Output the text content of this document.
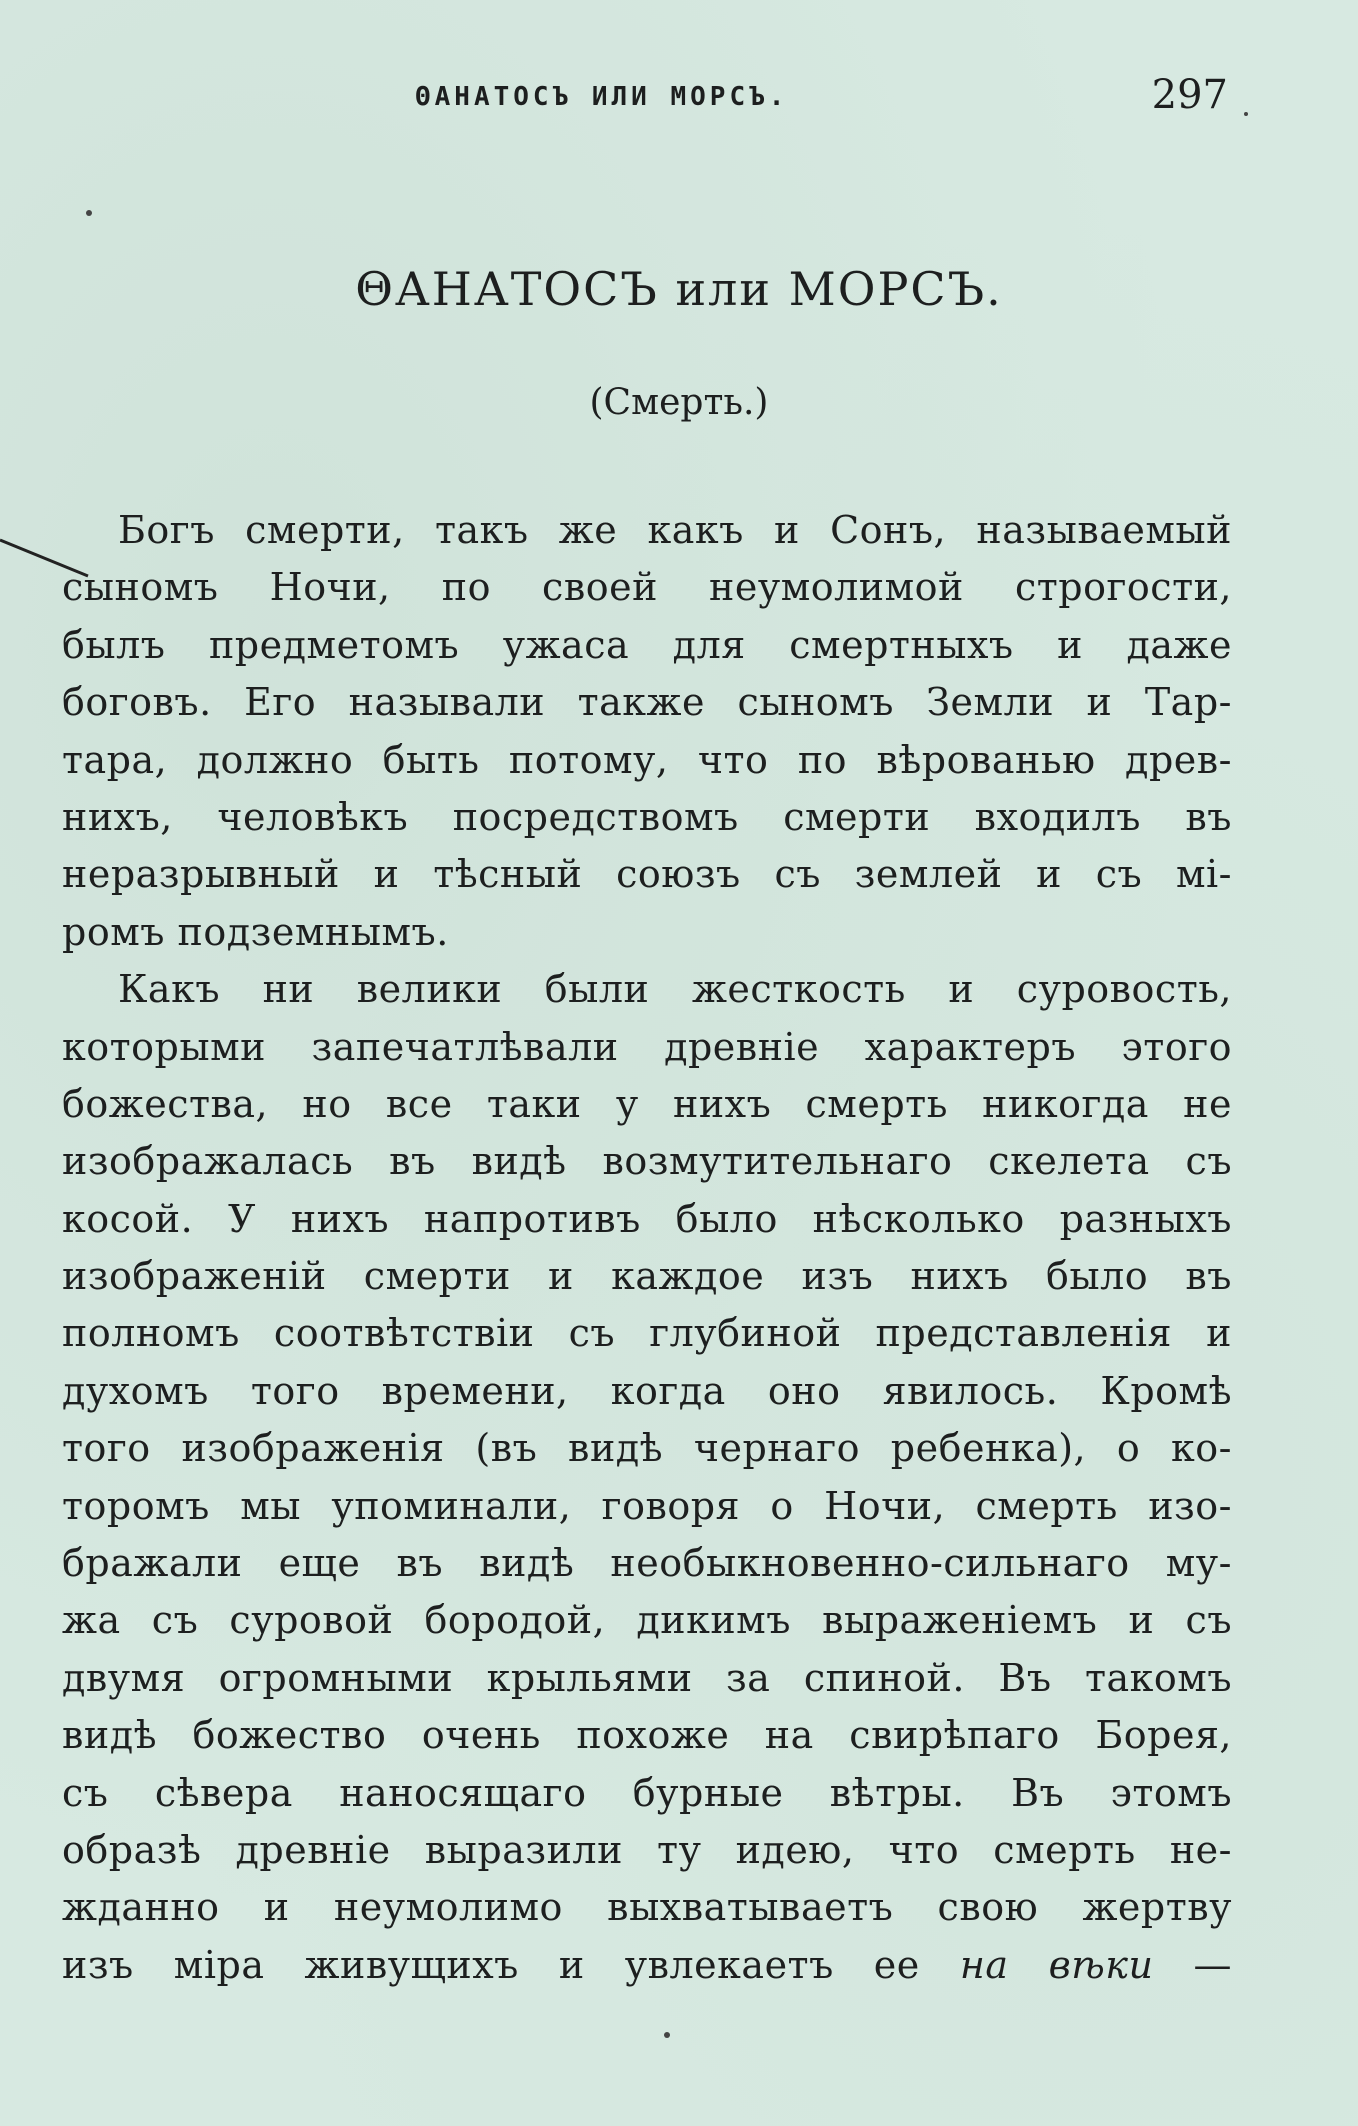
ΘАНАТОСЪ ИЛИ МОРСЪ.	297
ΘАНАТОСЪ или МОРСЪ.
(Смерть.)
Богъ смерти, такъ же какъ и Сонъ, называемый
сыномъ Ночи, по своей неумолимой строгости,
былъ предметомъ ужаса для смертныхъ и даже
боговъ. Его называли также сыномъ Земли и Тар-
тара, должно быть потому, что по вѣрованью древ-
нихъ, человѣкъ посредствомъ смерти входилъ въ
неразрывный и тѣсный союзъ съ землей и съ мі-
ромъ подземнымъ.
Какъ ни велики были жесткость и суровость,
которыми запечатлѣвали древніе характеръ этого
божества, но все таки у нихъ смерть никогда не
изображалась въ видѣ возмутительнаго скелета съ
косой. У нихъ напротивъ было нѣсколько разныхъ
изображеній смерти и каждое изъ нихъ было въ
полномъ соотвѣтствіи съ глубиной представленія и
духомъ того времени, когда оно явилось. Кромѣ
того изображенія (въ видѣ чернаго ребенка), о ко-
торомъ мы упоминали, говоря о Ночи, смерть изо-
бражали еще въ видѣ необыкновенно-сильнаго му-
жа съ суровой бородой, дикимъ выраженіемъ и съ
двумя огромными крыльями за спиной. Въ такомъ
видѣ божество очень похоже на свирѣпаго Борея,
съ сѣвера наносящаго бурные вѣтры. Въ этомъ
образѣ древніе выразили ту идею, что смерть не-
жданно и неумолимо выхватываетъ свою жертву
изъ міра живущихъ и увлекаетъ ее на вѣки —
